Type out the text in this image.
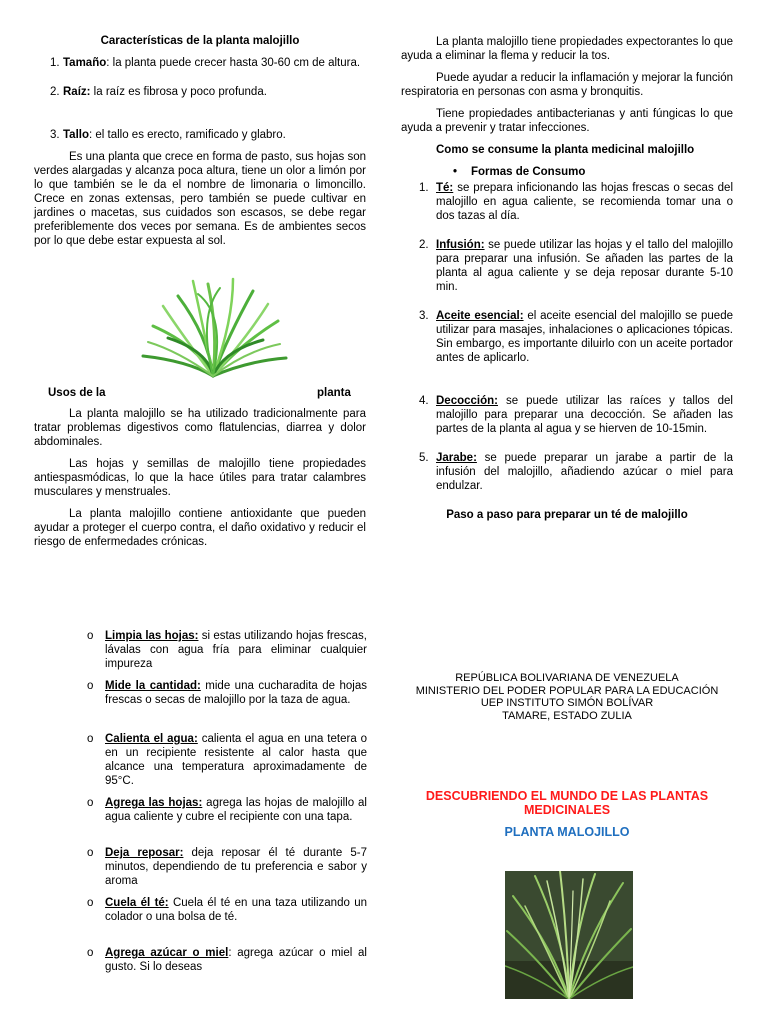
Características de la planta malojillo
1. Tamaño: la planta puede crecer hasta 30-60 cm de altura.
2. Raíz: la raíz es fibrosa y poco profunda.
3. Tallo: el tallo es erecto, ramificado y glabro.

Es una planta que crece en forma de pasto, sus hojas son verdes alargadas y alcanza poca altura, tiene un olor a limón por lo que también se le da el nombre de limonaria o limoncillo. Crece en zonas extensas, pero también se puede cultivar en jardines o macetas, sus cuidados son escasos, se debe regar preferiblemente dos veces por semana. Es de ambientes secos por lo que debe estar expuesta al sol.

Usos de la	planta

La planta malojillo se ha utilizado tradicionalmente para tratar problemas digestivos como flatulencias, diarrea y dolor abdominales.

Las hojas y semillas de malojillo tiene propiedades antiespasmódicas, lo que la hace útiles para tratar calambres musculares y menstruales.

La planta malojillo contiene antioxidante que pueden ayudar a proteger el cuerpo contra, el daño oxidativo y reducir el riesgo de enfermedades crónicas.

La planta malojillo tiene propiedades expectorantes lo que ayuda a eliminar la flema y reducir la tos.

Puede ayudar a reducir la inflamación y mejorar la función respiratoria en personas con asma y bronquitis.

Tiene propiedades antibacterianas y anti fúngicas lo que ayuda a prevenir y tratar infecciones.

Como se consume la planta medicinal malojillo
• Formas de Consumo
1. Té: se prepara inficionando las hojas frescas o secas del malojillo en agua caliente, se recomienda tomar una o dos tazas al día.
2. Infusión: se puede utilizar las hojas y el tallo del malojillo para preparar una infusión. Se añaden las partes de la planta al agua caliente y se deja reposar durante 5-10 min.
3. Aceite esencial: el aceite esencial del malojillo se puede utilizar para masajes, inhalaciones o aplicaciones tópicas. Sin embargo, es importante diluirlo con un aceite portador antes de aplicarlo.
4. Decocción: se puede utilizar las raíces y tallos del malojillo para preparar una decocción. Se añaden las partes de la planta al agua y se hierven de 10-15min.
5. Jarabe: se puede preparar un jarabe a partir de la infusión del malojillo, añadiendo azúcar o miel para endulzar.
Paso a paso para preparar un té de malojillo
o Limpia las hojas: si estas utilizando hojas frescas, lávalas con agua fría para eliminar cualquier impureza
o Mide la cantidad: mide una cucharadita de hojas frescas o secas de malojillo por la taza de agua.
o Calienta el agua: calienta el agua en una tetera o en un recipiente resistente al calor hasta que alcance una temperatura aproximadamente de 95°C.
o Agrega las hojas: agrega las hojas de malojillo al agua caliente y cubre el recipiente con una tapa.
o Deja reposar: deja reposar él té durante 5-7 minutos, dependiendo de tu preferencia e sabor y aroma
o Cuela él té: Cuela él té en una taza utilizando un colador o una bolsa de té.
o Agrega azúcar o miel: agrega azúcar o miel al gusto. Si lo deseas
REPÚBLICA BOLIVARIANA DE VENEZUELA
MINISTERIO DEL PODER POPULAR PARA LA EDUCACIÓN
UEP INSTITUTO SIMÓN BOLÍVAR
TAMARE, ESTADO ZULIA
DESCUBRIENDO EL MUNDO DE LAS PLANTAS MEDICINALES
PLANTA MALOJILLO
